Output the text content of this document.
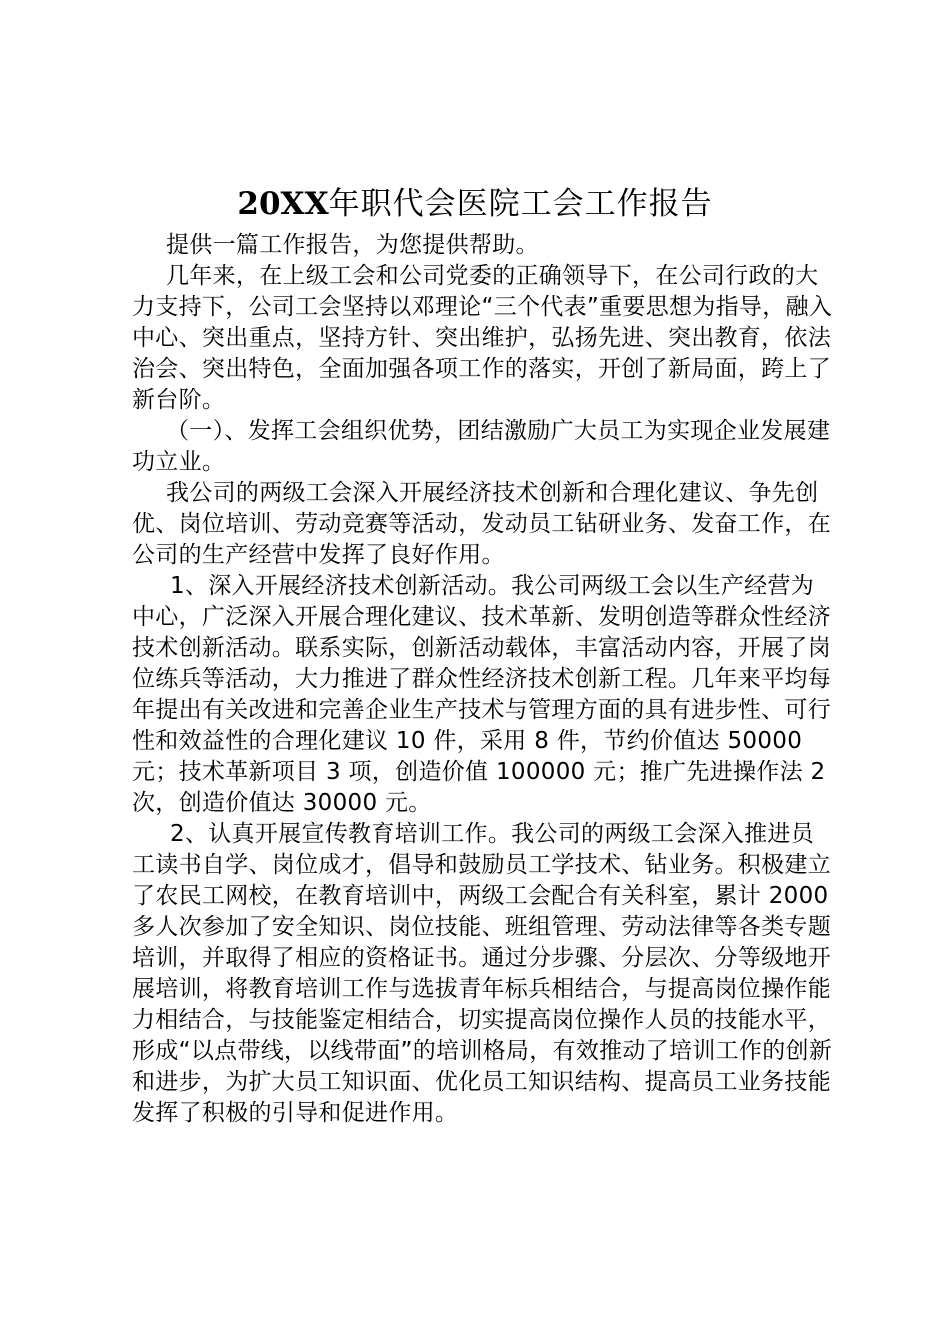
20XX年职代会医院工会工作报告

提供一篇工作报告，为您提供帮助。

几年来，在上级工会和公司党委的正确领导下，在公司行政的大力支持下，公司工会坚持以邓理论“三个代表”重要思想为指导，融入中心、突出重点，坚持方针、突出维护，弘扬先进、突出教育，依法治会、突出特色，全面加强各项工作的落实，开创了新局面，跨上了新台阶。

（一）、发挥工会组织优势，团结激励广大员工为实现企业发展建功立业。

我公司的两级工会深入开展经济技术创新和合理化建议、争先创优、岗位培训、劳动竞赛等活动，发动员工钻研业务、发奋工作，在公司的生产经营中发挥了良好作用。

1、深入开展经济技术创新活动。我公司两级工会以生产经营为中心，广泛深入开展合理化建议、技术革新、发明创造等群众性经济技术创新活动。联系实际，创新活动载体，丰富活动内容，开展了岗位练兵等活动，大力推进了群众性经济技术创新工程。几年来平均每年提出有关改进和完善企业生产技术与管理方面的具有进步性、可行性和效益性的合理化建议 10 件，采用 8 件，节约价值达 50000 元；技术革新项目 3 项，创造价值 100000 元；推广先进操作法 2 次，创造价值达 30000 元。

2、认真开展宣传教育培训工作。我公司的两级工会深入推进员工读书自学、岗位成才，倡导和鼓励员工学技术、钻业务。积极建立了农民工网校，在教育培训中，两级工会配合有关科室，累计 2000 多人次参加了安全知识、岗位技能、班组管理、劳动法律等各类专题培训，并取得了相应的资格证书。通过分步骤、分层次、分等级地开展培训，将教育培训工作与选拔青年标兵相结合，与提高岗位操作能力相结合，与技能鉴定相结合，切实提高岗位操作人员的技能水平，形成“以点带线，以线带面”的培训格局，有效推动了培训工作的创新和进步，为扩大员工知识面、优化员工知识结构、提高员工业务技能发挥了积极的引导和促进作用。
